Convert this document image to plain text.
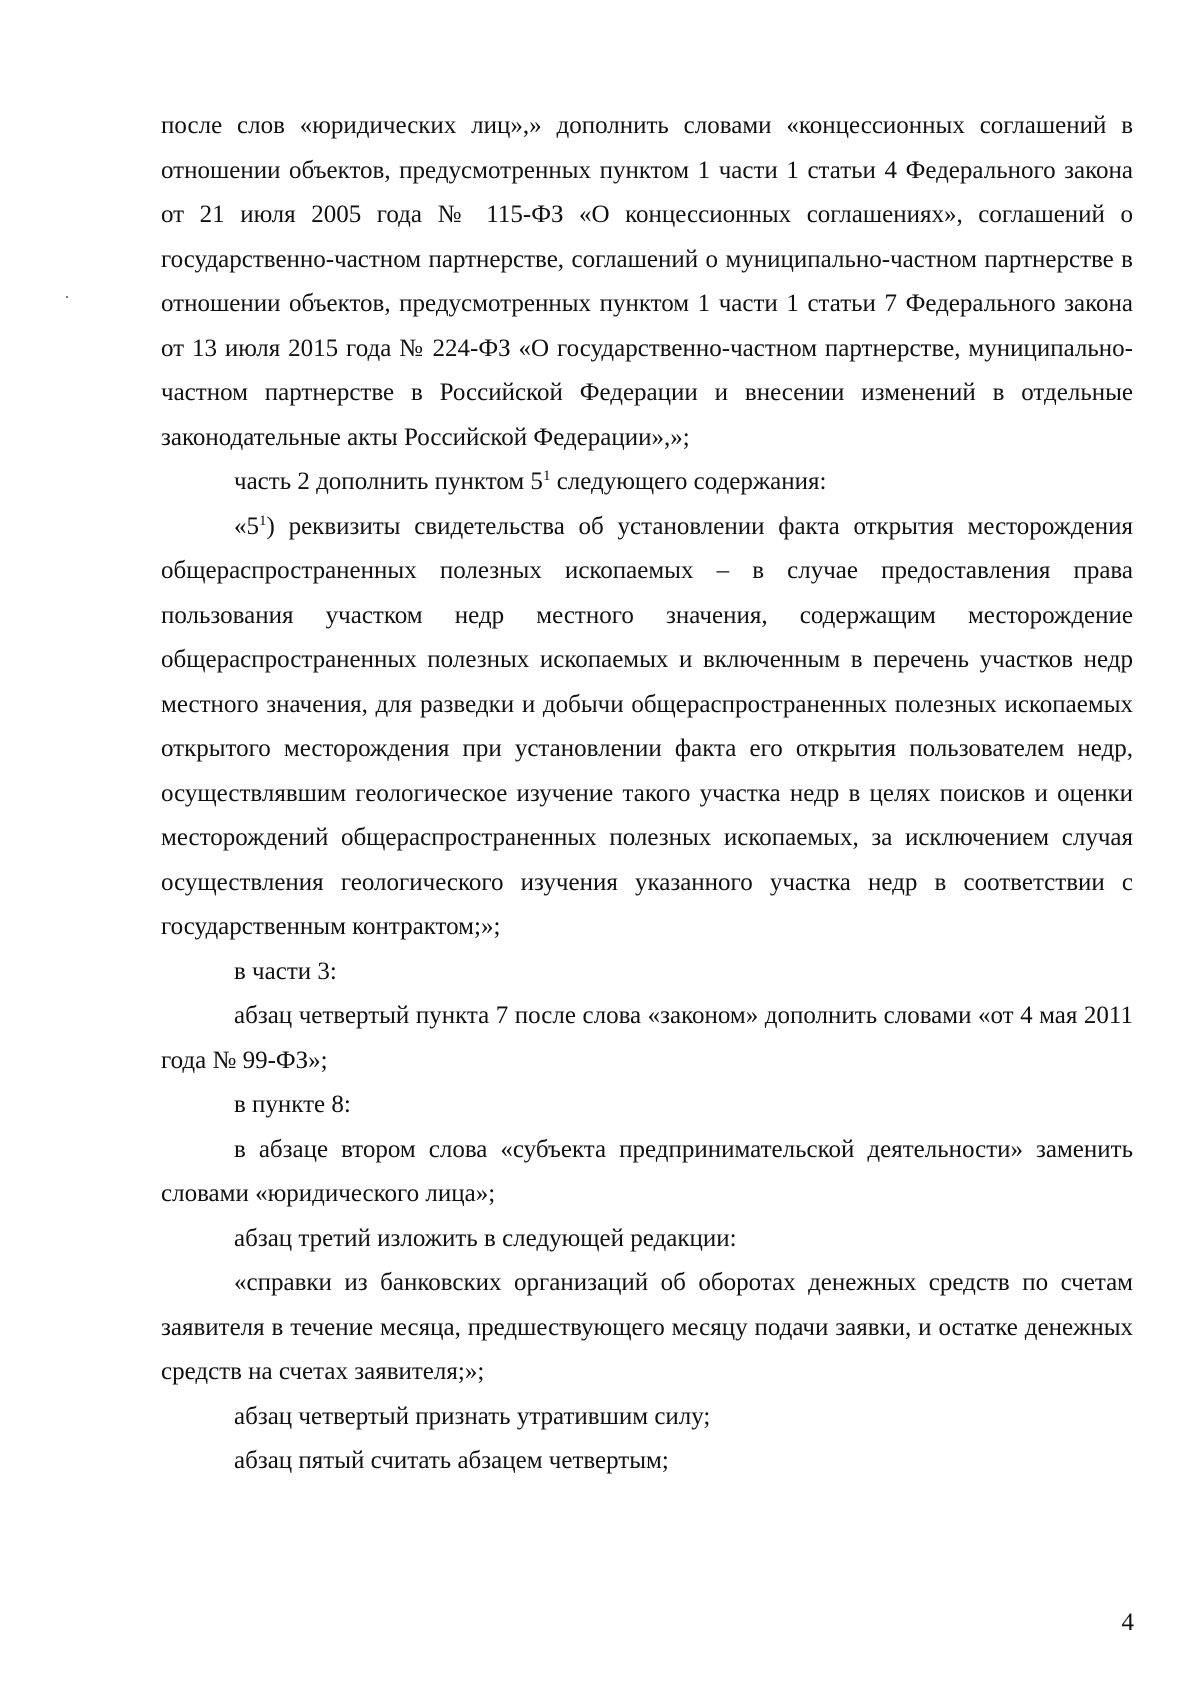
после слов «юридических лиц»,» дополнить словами «концессионных соглашений в отношении объектов, предусмотренных пунктом 1 части 1 статьи 4 Федерального закона от 21 июля 2005 года № 115-ФЗ «О концессионных соглашениях», соглашений о государственно-частном партнерстве, соглашений о муниципально-частном партнерстве в отношении объектов, предусмотренных пунктом 1 части 1 статьи 7 Федерального закона от 13 июля 2015 года № 224-ФЗ «О государственно-частном партнерстве, муниципально-частном партнерстве в Российской Федерации и внесении изменений в отдельные законодательные акты Российской Федерации»,»;

часть 2 дополнить пунктом $5^1$ следующего содержания:

«$5^1$) реквизиты свидетельства об установлении факта открытия месторождения общераспространенных полезных ископаемых – в случае предоставления права пользования участком недр местного значения, содержащим месторождение общераспространенных полезных ископаемых и включенным в перечень участков недр местного значения, для разведки и добычи общераспространенных полезных ископаемых открытого месторождения при установлении факта его открытия пользователем недр, осуществлявшим геологическое изучение такого участка недр в целях поисков и оценки месторождений общераспространенных полезных ископаемых, за исключением случая осуществления геологического изучения указанного участка недр в соответствии с государственным контрактом;»;

в части 3:

абзац четвертый пункта 7 после слова «законом» дополнить словами «от 4 мая 2011 года № 99-ФЗ»;

в пункте 8:

в абзаце втором слова «субъекта предпринимательской деятельности» заменить словами «юридического лица»;

абзац третий изложить в следующей редакции:

«справки из банковских организаций об оборотах денежных средств по счетам заявителя в течение месяца, предшествующего месяцу подачи заявки, и остатке денежных средств на счетах заявителя;»;

абзац четвертый признать утратившим силу;

абзац пятый считать абзацем четвертым;

4
